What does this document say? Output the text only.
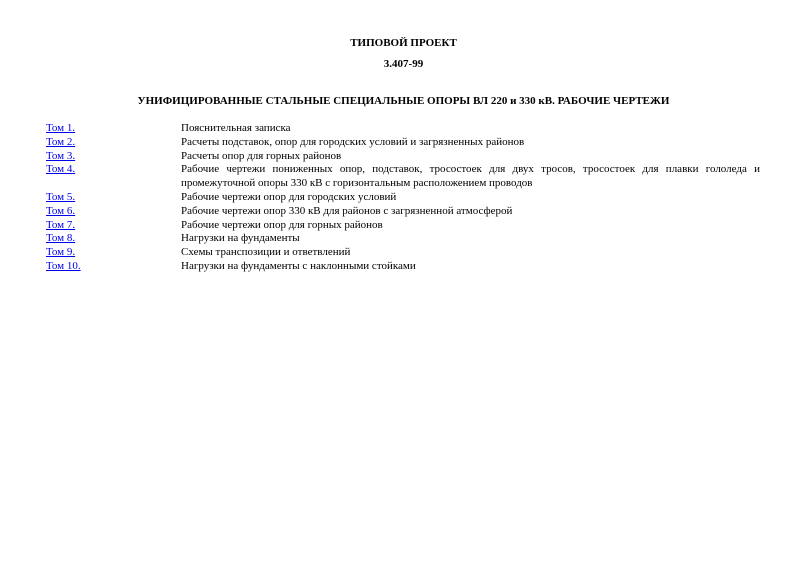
ТИПОВОЙ ПРОЕКТ
3.407-99
УНИФИЦИРОВАННЫЕ СТАЛЬНЫЕ СПЕЦИАЛЬНЫЕ ОПОРЫ ВЛ 220 и 330 кВ. РАБОЧИЕ ЧЕРТЕЖИ
Том 1.	Пояснительная записка
Том 2.	Расчеты подставок, опор для городских условий и загрязненных районов
Том 3.	Расчеты опор для горных районов
Том 4.	Рабочие чертежи пониженных опор, подставок, тросостоек для двух тросов, тросостоек для плавки гололеда и промежуточной опоры 330 кВ с горизонтальным расположением проводов
Том 5.	Рабочие чертежи опор для городских условий
Том 6.	Рабочие чертежи опор 330 кВ для районов с загрязненной атмосферой
Том 7.	Рабочие чертежи опор для горных районов
Том 8.	Нагрузки на фундаменты
Том 9.	Схемы транспозиции и ответвлений
Том 10.	Нагрузки на фундаменты с наклонными стойками
